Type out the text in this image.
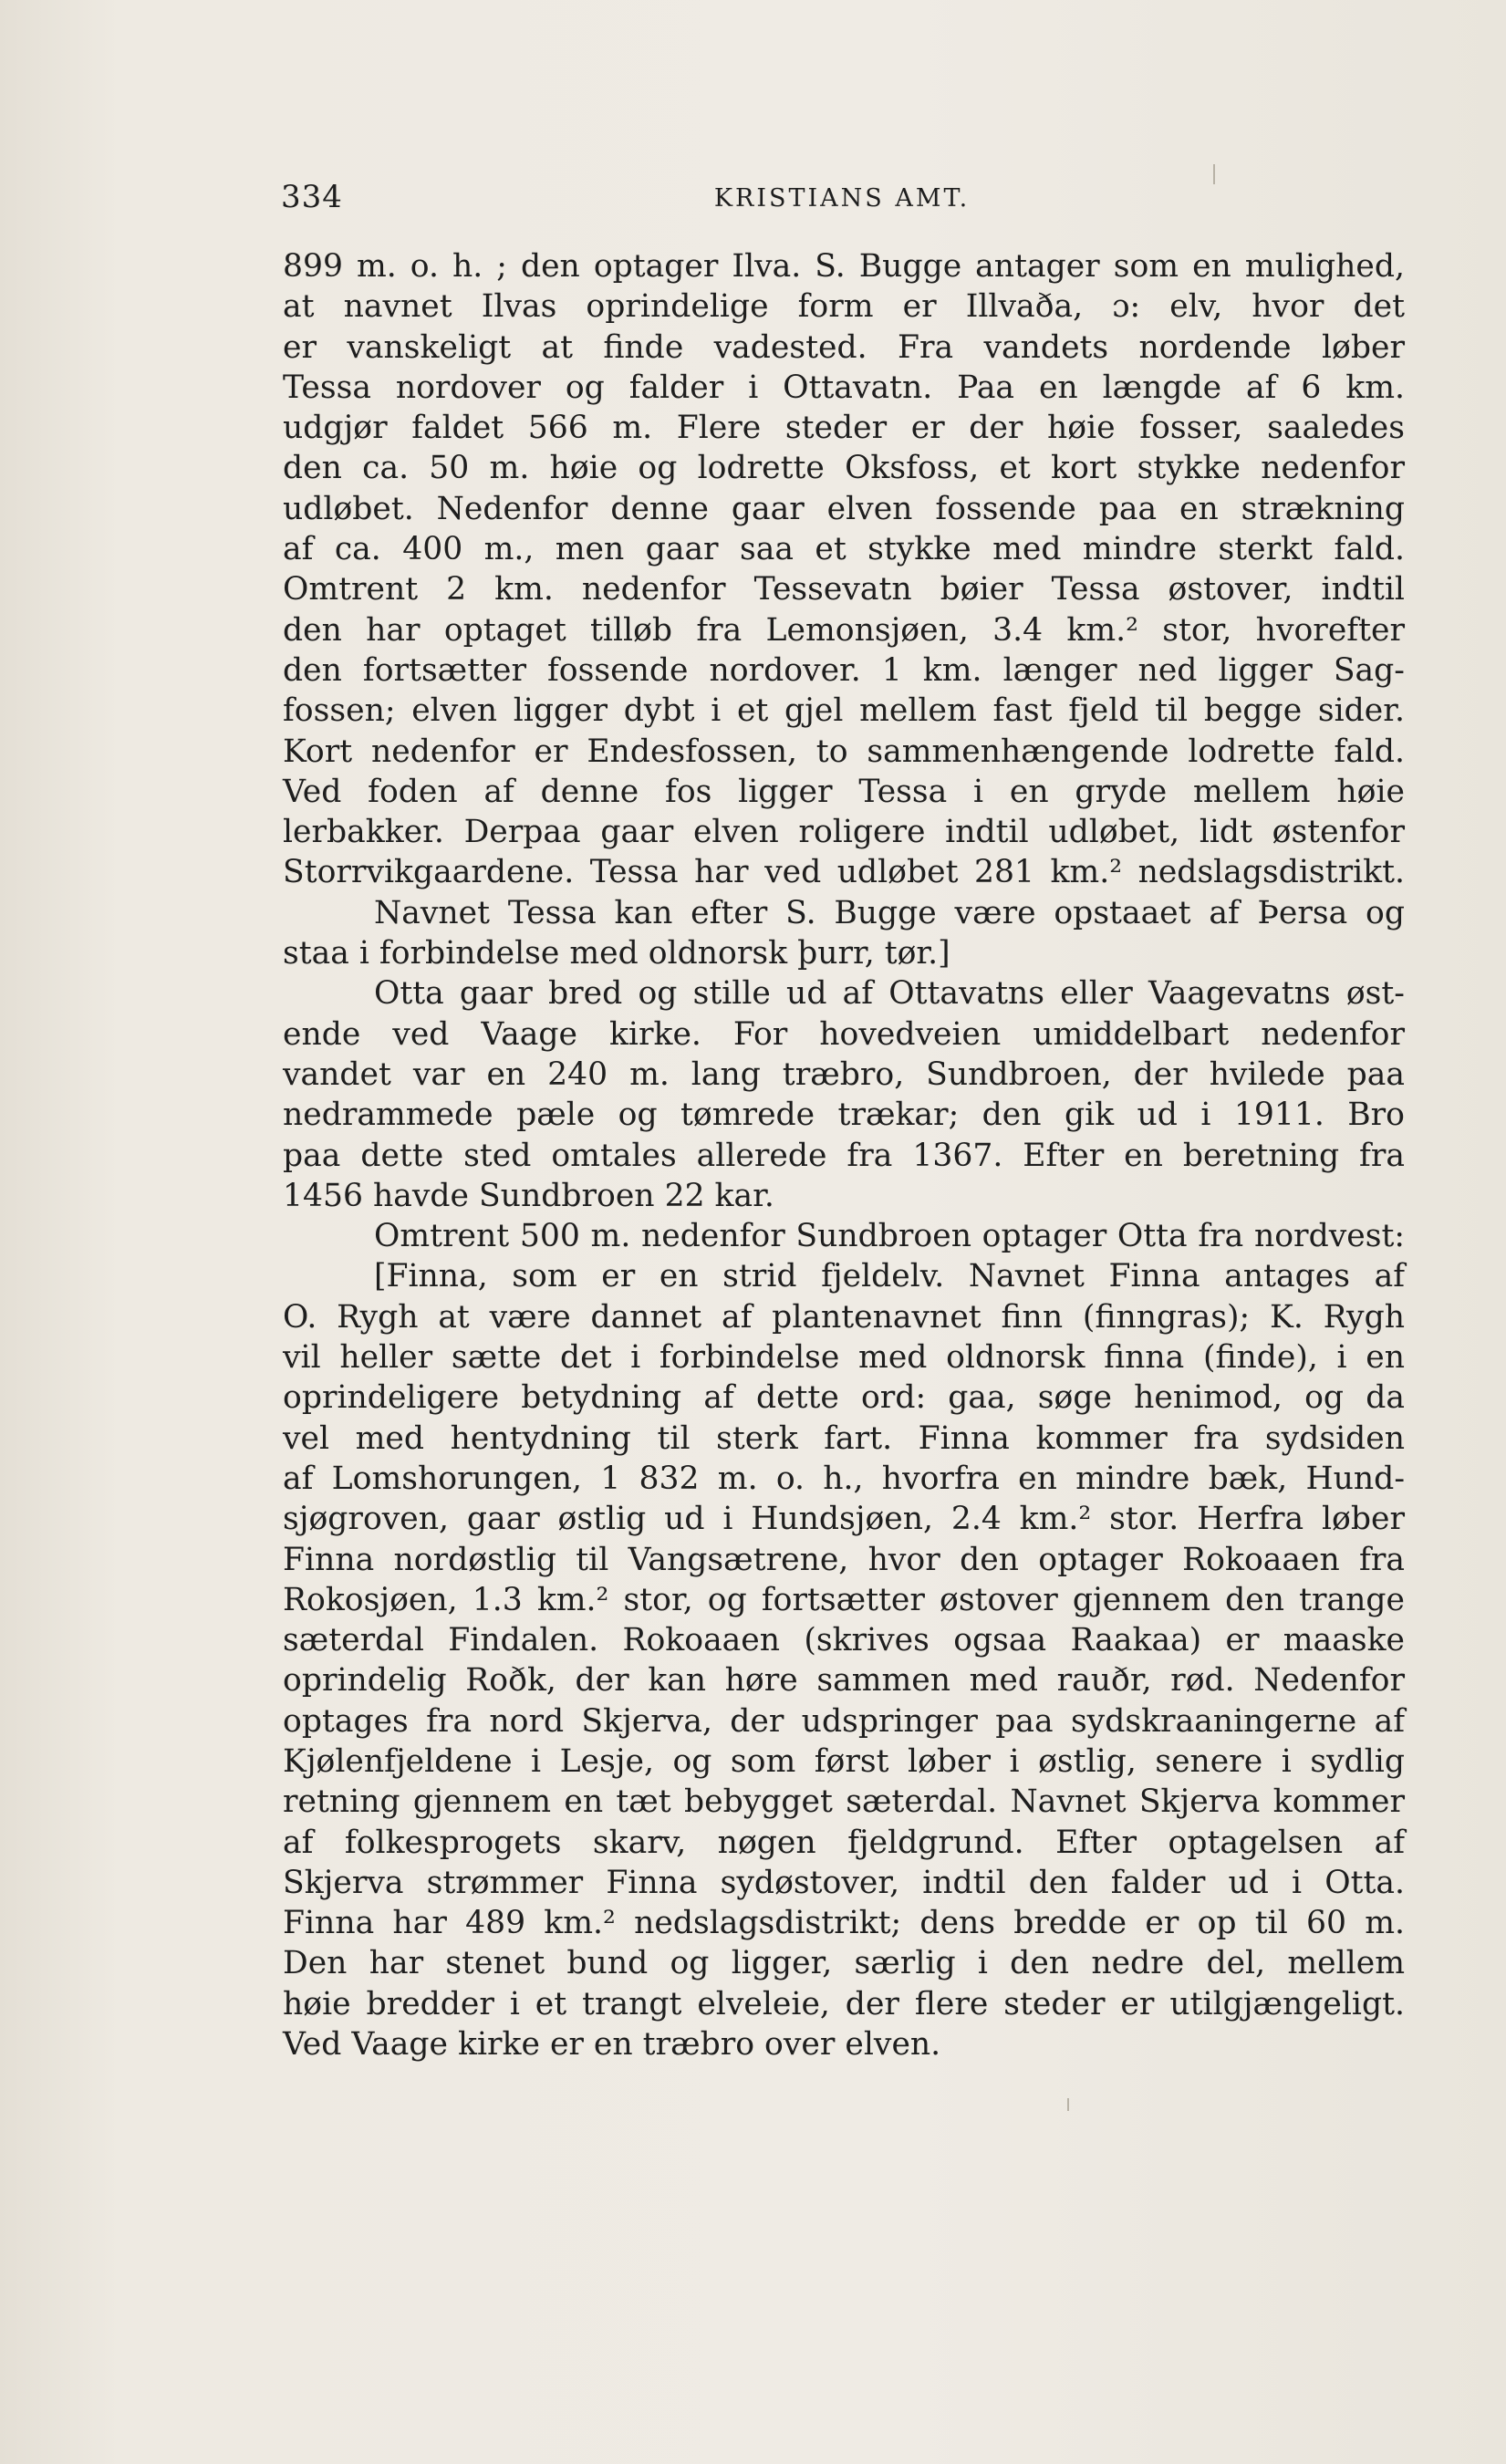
334	KRISTIANS AMT.
899 m. o. h. ; den optager Ilva. S. Bugge antager som en mulighed,
at navnet Ilvas oprindelige form er Illvaða, ɔ: elv, hvor det
er vanskeligt at finde vadested. Fra vandets nordende løber
Tessa nordover og falder i Ottavatn. Paa en længde af 6 km.
udgjør faldet 566 m. Flere steder er der høie fosser, saaledes
den ca. 50 m. høie og lodrette Oksfoss, et kort stykke nedenfor
udløbet. Nedenfor denne gaar elven fossende paa en strækning
af ca. 400 m., men gaar saa et stykke med mindre sterkt fald.
Omtrent 2 km. nedenfor Tessevatn bøier Tessa østover, indtil
den har optaget tilløb fra Lemonsjøen, 3.4 km.² stor, hvorefter
den fortsætter fossende nordover. 1 km. længer ned ligger Sag-
fossen; elven ligger dybt i et gjel mellem fast fjeld til begge sider.
Kort nedenfor er Endesfossen, to sammenhængende lodrette fald.
Ved foden af denne fos ligger Tessa i en gryde mellem høie
lerbakker. Derpaa gaar elven roligere indtil udløbet, lidt østenfor
Storrvikgaardene. Tessa har ved udløbet 281 km.² nedslagsdistrikt.
Navnet Tessa kan efter S. Bugge være opstaaet af Þersa og
staa i forbindelse med oldnorsk þurr, tør.]
Otta gaar bred og stille ud af Ottavatns eller Vaagevatns øst-
ende ved Vaage kirke. For hovedveien umiddelbart nedenfor
vandet var en 240 m. lang træbro, Sundbroen, der hvilede paa
nedrammede pæle og tømrede trækar; den gik ud i 1911. Bro
paa dette sted omtales allerede fra 1367. Efter en beretning fra
1456 havde Sundbroen 22 kar.
Omtrent 500 m. nedenfor Sundbroen optager Otta fra nordvest:
[Finna, som er en strid fjeldelv. Navnet Finna antages af
O. Rygh at være dannet af plantenavnet finn (finngras); K. Rygh
vil heller sætte det i forbindelse med oldnorsk finna (finde), i en
oprindeligere betydning af dette ord: gaa, søge henimod, og da
vel med hentydning til sterk fart. Finna kommer fra sydsiden
af Lomshorungen, 1 832 m. o. h., hvorfra en mindre bæk, Hund-
sjøgroven, gaar østlig ud i Hundsjøen, 2.4 km.² stor. Herfra løber
Finna nordøstlig til Vangsætrene, hvor den optager Rokoaaen fra
Rokosjøen, 1.3 km.² stor, og fortsætter østover gjennem den trange
sæterdal Findalen. Rokoaaen (skrives ogsaa Raakaa) er maaske
oprindelig Roðk, der kan høre sammen med rauðr, rød. Nedenfor
optages fra nord Skjerva, der udspringer paa sydskraaningerne af
Kjølenfjeldene i Lesje, og som først løber i østlig, senere i sydlig
retning gjennem en tæt bebygget sæterdal. Navnet Skjerva kommer
af folkesprogets skarv, nøgen fjeldgrund. Efter optagelsen af
Skjerva strømmer Finna sydøstover, indtil den falder ud i Otta.
Finna har 489 km.² nedslagsdistrikt; dens bredde er op til 60 m.
Den har stenet bund og ligger, særlig i den nedre del, mellem
høie bredder i et trangt elveleie, der flere steder er utilgjængeligt.
Ved Vaage kirke er en træbro over elven.
